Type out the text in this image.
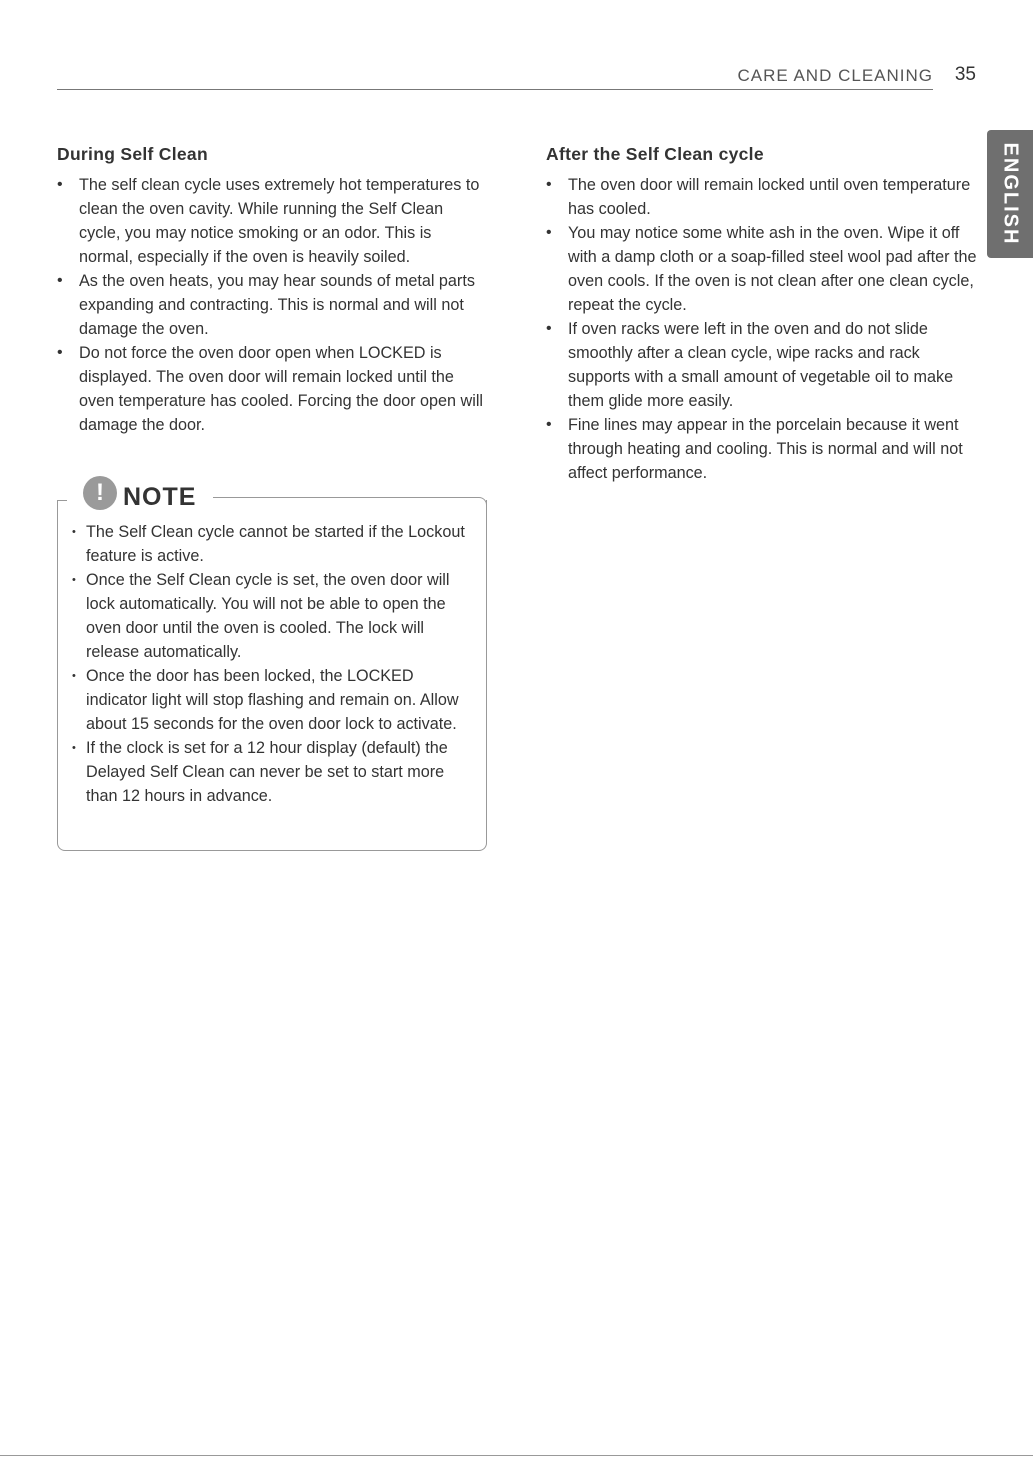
CARE AND CLEANING 35
ENGLISH
During Self Clean
• The self clean cycle uses extremely hot temperatures to clean the oven cavity. While running the Self Clean cycle, you may notice smoking or an odor. This is normal, especially if the oven is heavily soiled.
• As the oven heats, you may hear sounds of metal parts expanding and contracting. This is normal and will not damage the oven.
• Do not force the oven door open when LOCKED is displayed. The oven door will remain locked until the oven temperature has cooled. Forcing the door open will damage the door.
! NOTE
• The Self Clean cycle cannot be started if the Lockout feature is active.
• Once the Self Clean cycle is set, the oven door will lock automatically. You will not be able to open the oven door until the oven is cooled. The lock will release automatically.
• Once the door has been locked, the LOCKED indicator light will stop flashing and remain on. Allow about 15 seconds for the oven door lock to activate.
• If the clock is set for a 12 hour display (default) the Delayed Self Clean can never be set to start more than 12 hours in advance.
After the Self Clean cycle
• The oven door will remain locked until oven temperature has cooled.
• You may notice some white ash in the oven. Wipe it off with a damp cloth or a soap-filled steel wool pad after the oven cools. If the oven is not clean after one clean cycle, repeat the cycle.
• If oven racks were left in the oven and do not slide smoothly after a clean cycle, wipe racks and rack supports with a small amount of vegetable oil to make them glide more easily.
• Fine lines may appear in the porcelain because it went through heating and cooling. This is normal and will not affect performance.
